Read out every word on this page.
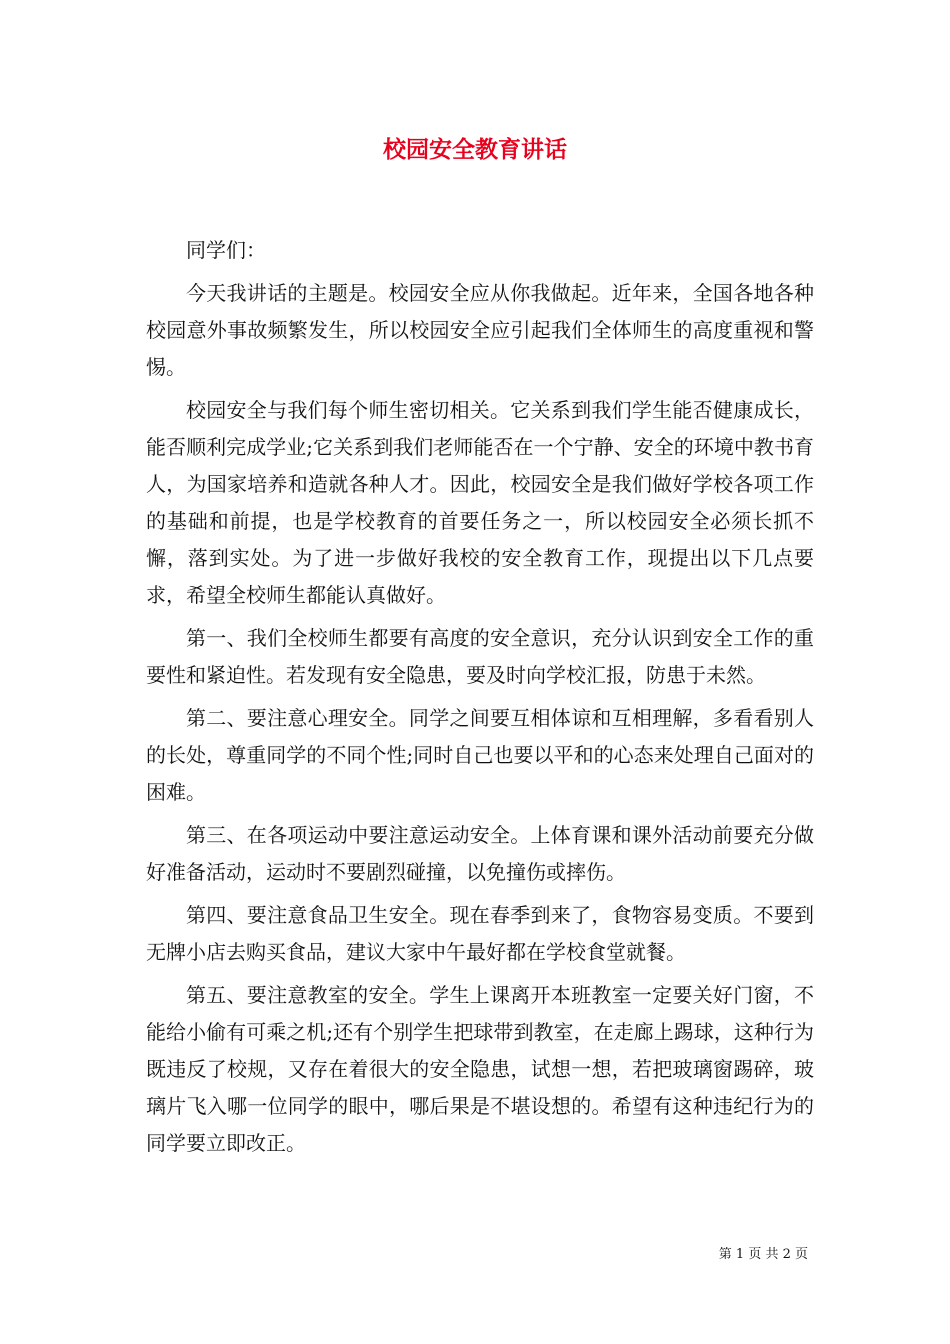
校园安全教育讲话

同学们：

今天我讲话的主题是。校园安全应从你我做起。近年来，全国各地各种校园意外事故频繁发生，所以校园安全应引起我们全体师生的高度重视和警惕。

校园安全与我们每个师生密切相关。它关系到我们学生能否健康成长，能否顺利完成学业;它关系到我们老师能否在一个宁静、安全的环境中教书育人，为国家培养和造就各种人才。因此，校园安全是我们做好学校各项工作的基础和前提，也是学校教育的首要任务之一，所以校园安全必须长抓不懈，落到实处。为了进一步做好我校的安全教育工作，现提出以下几点要求，希望全校师生都能认真做好。

第一、我们全校师生都要有高度的安全意识，充分认识到安全工作的重要性和紧迫性。若发现有安全隐患，要及时向学校汇报，防患于未然。

第二、要注意心理安全。同学之间要互相体谅和互相理解，多看看别人的长处，尊重同学的不同个性;同时自己也要以平和的心态来处理自己面对的困难。

第三、在各项运动中要注意运动安全。上体育课和课外活动前要充分做好准备活动，运动时不要剧烈碰撞，以免撞伤或摔伤。

第四、要注意食品卫生安全。现在春季到来了，食物容易变质。不要到无牌小店去购买食品，建议大家中午最好都在学校食堂就餐。

第五、要注意教室的安全。学生上课离开本班教室一定要关好门窗，不能给小偷有可乘之机;还有个别学生把球带到教室，在走廊上踢球，这种行为既违反了校规，又存在着很大的安全隐患，试想一想，若把玻璃窗踢碎，玻璃片飞入哪一位同学的眼中，哪后果是不堪设想的。希望有这种违纪行为的同学要立即改正。

第 1 页 共 2 页
